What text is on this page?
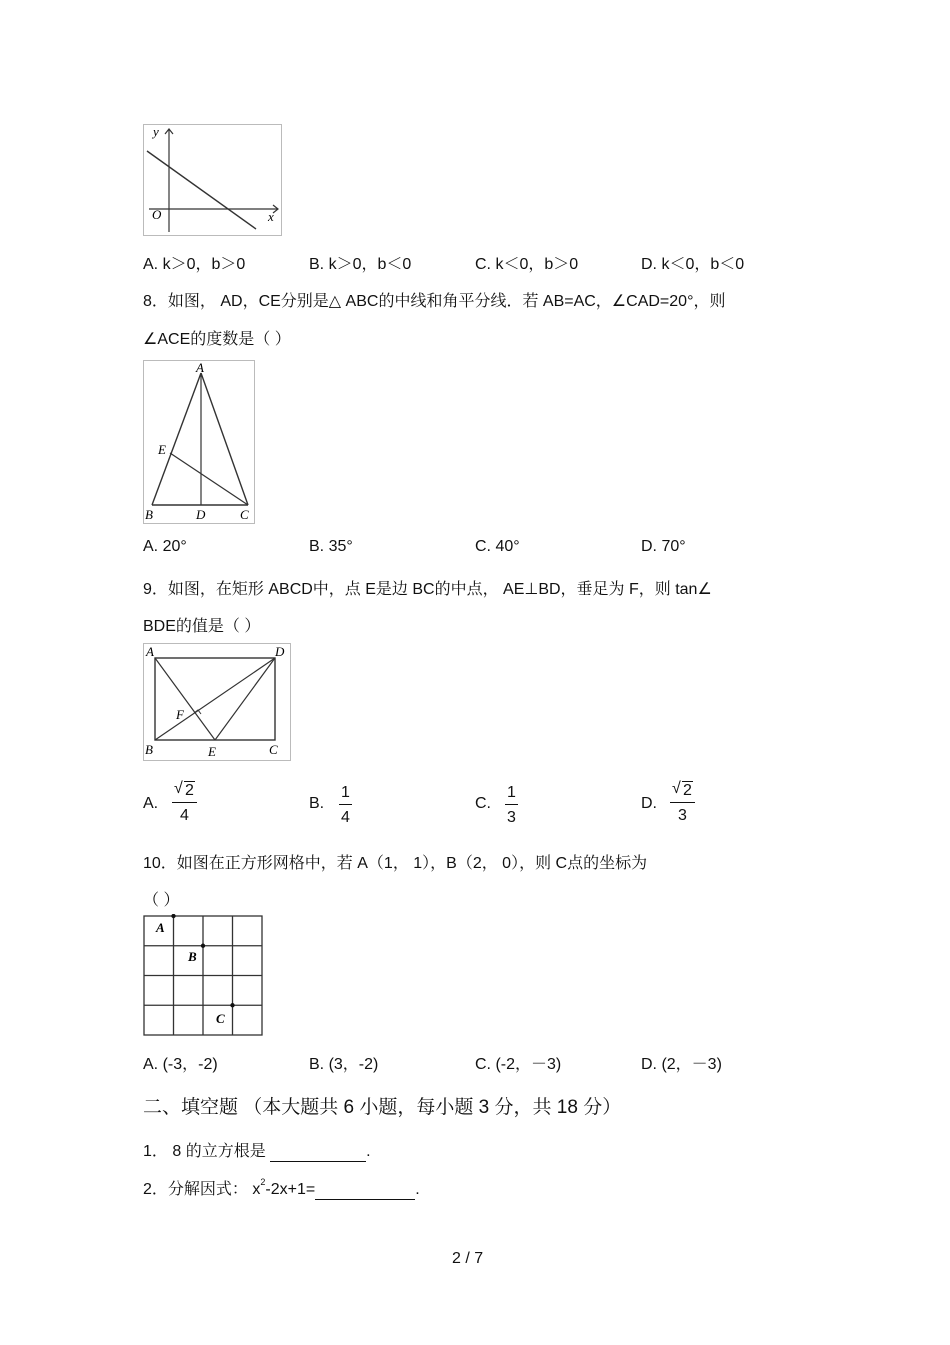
O	x
y
A. k＞0，b＞0	B. k＞0，b＜0	C. k＜0，b＞0	D. k＜0，b＜0
8．如图， AD，CE分别是△ ABC的中线和角平分线．若 AB=AC，∠CAD=20°，则
∠ACE的度数是（ ）
A
B	C
D
E
A. 20°	B. 35°	C. 40°	D. 70°
9．如图，在矩形 ABCD中，点 E是边 BC的中点， AE⊥BD，垂足为 F，则 tan∠
BDE的值是（ ）
A	D
B	C
E
F
A. $\frac{√ 2}{4}$	B. $\frac{1}{4}$	C. $\frac{1}{3}$	D. $\frac{√ 2}{3}$
10．如图在正方形网格中，若 A（1， 1），B（2， 0），则 C点的坐标为
（ ）
A
B
C
A. (-3，-2)	B. (3，-2)	C. (-2，－3)	D. (2，－3)
二、填空题 （本大题共 6 小题，每小题 3 分，共 18 分）
1． 8 的立方根是	.
2．分解因式： $x^2-2x+1=$	.
2 / 7
